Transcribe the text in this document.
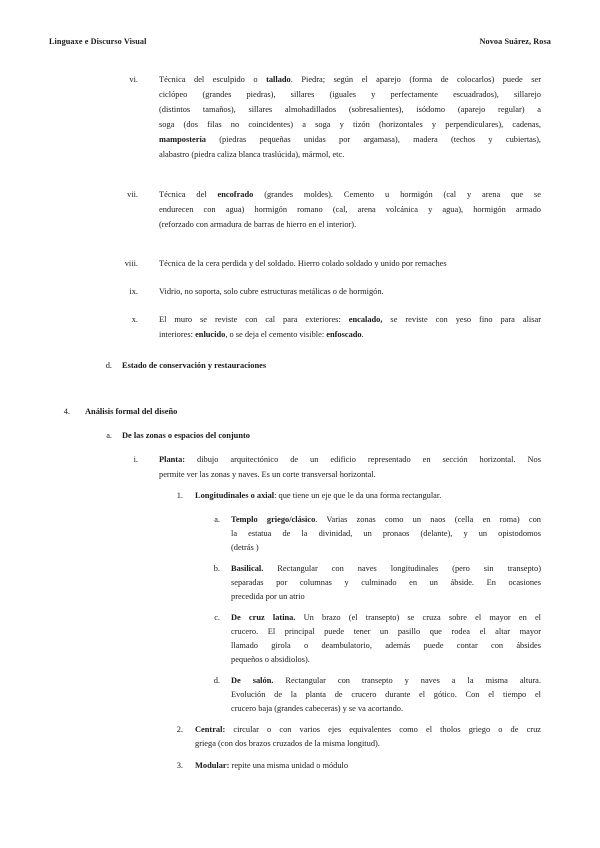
Linguaxe e Discurso Visual	Novoa Suárez, Rosa
vi.	Técnica del esculpido o tallado. Piedra; según el aparejo (forma de colocarlos) puede ser
ciclópeo (grandes piedras), sillares (iguales y perfectamente escuadrados), sillarejo
(distintos tamaños), sillares almohadillados (sobresalientes), isódomo (aparejo regular) a
soga (dos filas no coincidentes) a soga y tizón (horizontales y perpendiculares), cadenas,
mampostería (piedras pequeñas unidas por argamasa), madera (techos y cubiertas),
alabastro (piedra caliza blanca traslúcida), mármol, etc.
vii.	Técnica del encofrado (grandes moldes). Cemento u hormigón (cal y arena que se
endurecen con agua) hormigón romano (cal, arena volcánica y agua), hormigón armado
(reforzado con armadura de barras de hierro en el interior).
viii.	Técnica de la cera perdida y del soldado. Hierro colado soldado y unido por remaches
ix.	Vidrio, no soporta, solo cubre estructuras metálicas o de hormigón.
x.	El muro se reviste con cal para exteriores: encalado, se reviste con yeso fino para alisar
interiores: enlucido, o se deja el cemento visible: enfoscado.
d. Estado de conservación y restauraciones
4. Análisis formal del diseño
a. De las zonas o espacios del conjunto
i.	Planta: dibujo arquitectónico de un edificio representado en sección horizontal. Nos
permite ver las zonas y naves. Es un corte transversal horizontal.
1. Longitudinales o axial: que tiene un eje que le da una forma rectangular.
a. Templo griego/clásico. Varias zonas como un naos (cella en roma) con
la estatua de la divinidad, un pronaos (delante), y un opistodomos
(detrás )
b. Basilical. Rectangular con naves longitudinales (pero sin transepto)
separadas por columnas y culminado en un ábside. En ocasiones
precedida por un atrio
c. De cruz latina. Un brazo (el transepto) se cruza sobre el mayor en el
crucero. El principal puede tener un pasillo que rodea el altar mayor
llamado girola o deambulatorio, además puede contar con ábsides
pequeños o absidiolos).
d. De salón. Rectangular con transepto y naves a la misma altura.
Evolución de la planta de crucero durante el gótico. Con el tiempo el
crucero baja (grandes cabeceras) y se va acortando.
2. Central: circular o con varios ejes equivalentes como el tholos griego o de cruz
griega (con dos brazos cruzados de la misma longitud).
3. Modular: repite una misma unidad o módulo
